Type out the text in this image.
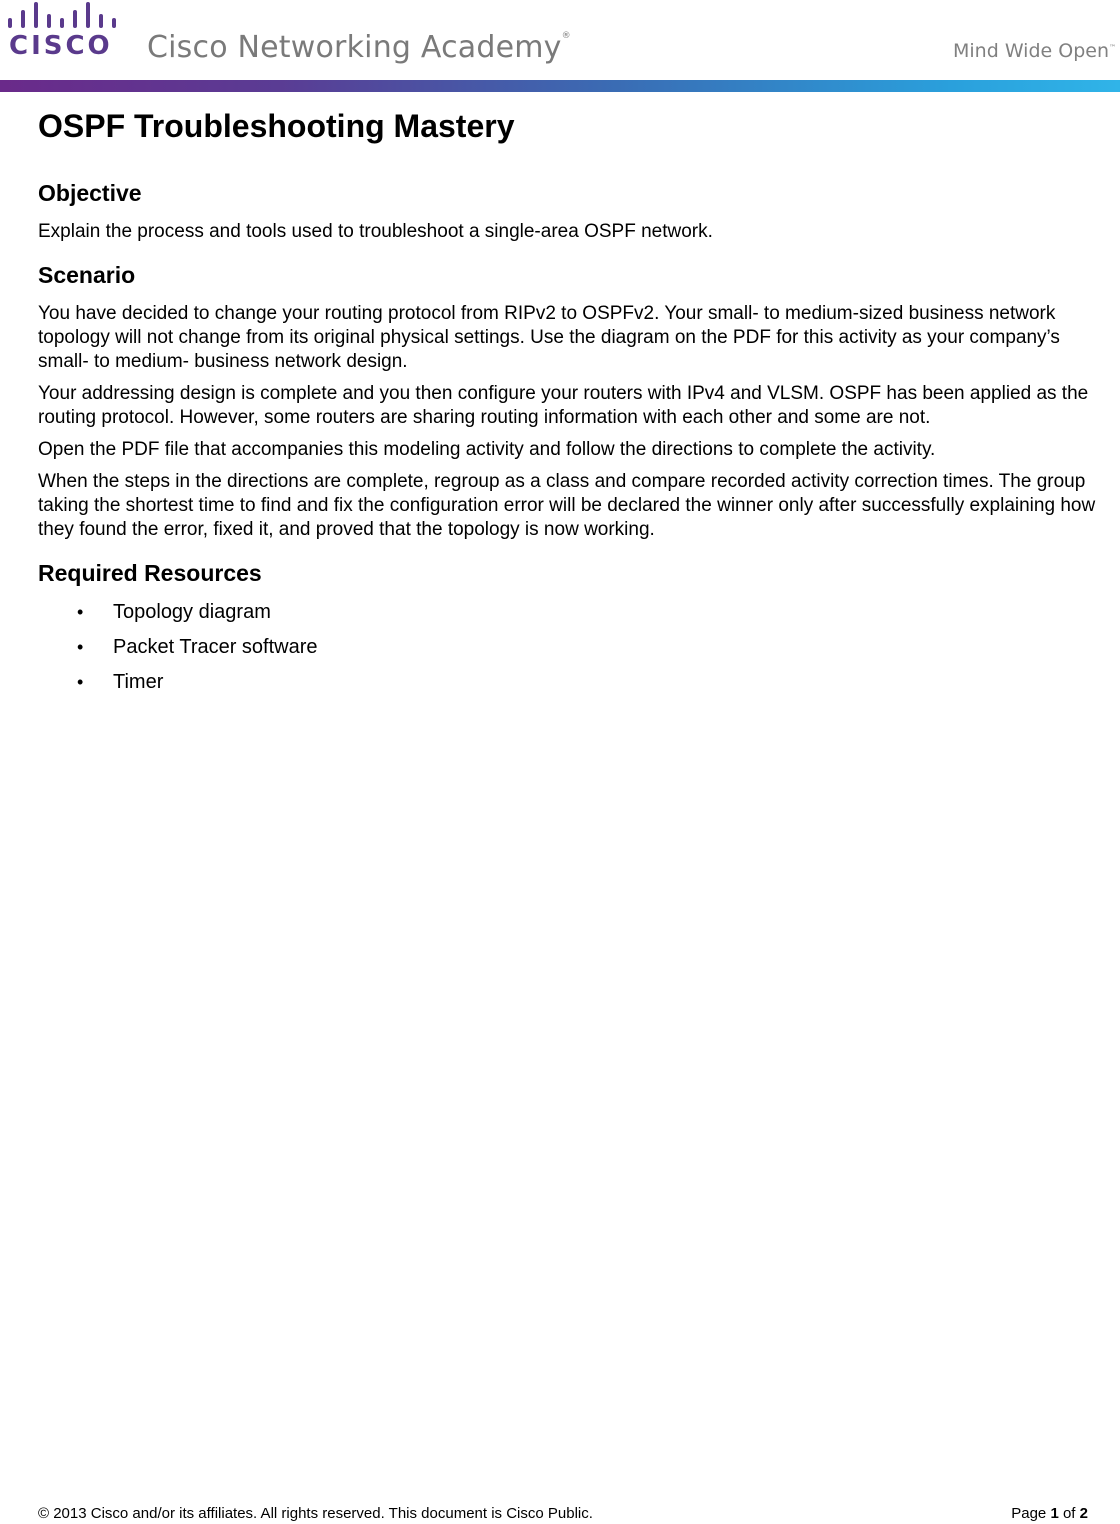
CISCO Cisco Networking Academy®
Mind Wide Open™
OSPF Troubleshooting Mastery
Objective

Explain the process and tools used to troubleshoot a single-area OSPF network.

Scenario

You have decided to change your routing protocol from RIPv2 to OSPFv2. Your small- to medium-sized business network topology will not change from its original physical settings. Use the diagram on the PDF for this activity as your company’s small- to medium- business network design.

Your addressing design is complete and you then configure your routers with IPv4 and VLSM. OSPF has been applied as the routing protocol. However, some routers are sharing routing information with each other and some are not.

Open the PDF file that accompanies this modeling activity and follow the directions to complete the activity.

When the steps in the directions are complete, regroup as a class and compare recorded activity correction times. The group taking the shortest time to find and fix the configuration error will be declared the winner only after successfully explaining how they found the error, fixed it, and proved that the topology is now working.

Required Resources
• Topology diagram
• Packet Tracer software
• Timer
© 2013 Cisco and/or its affiliates. All rights reserved. This document is Cisco Public.	Page 1 of 2
